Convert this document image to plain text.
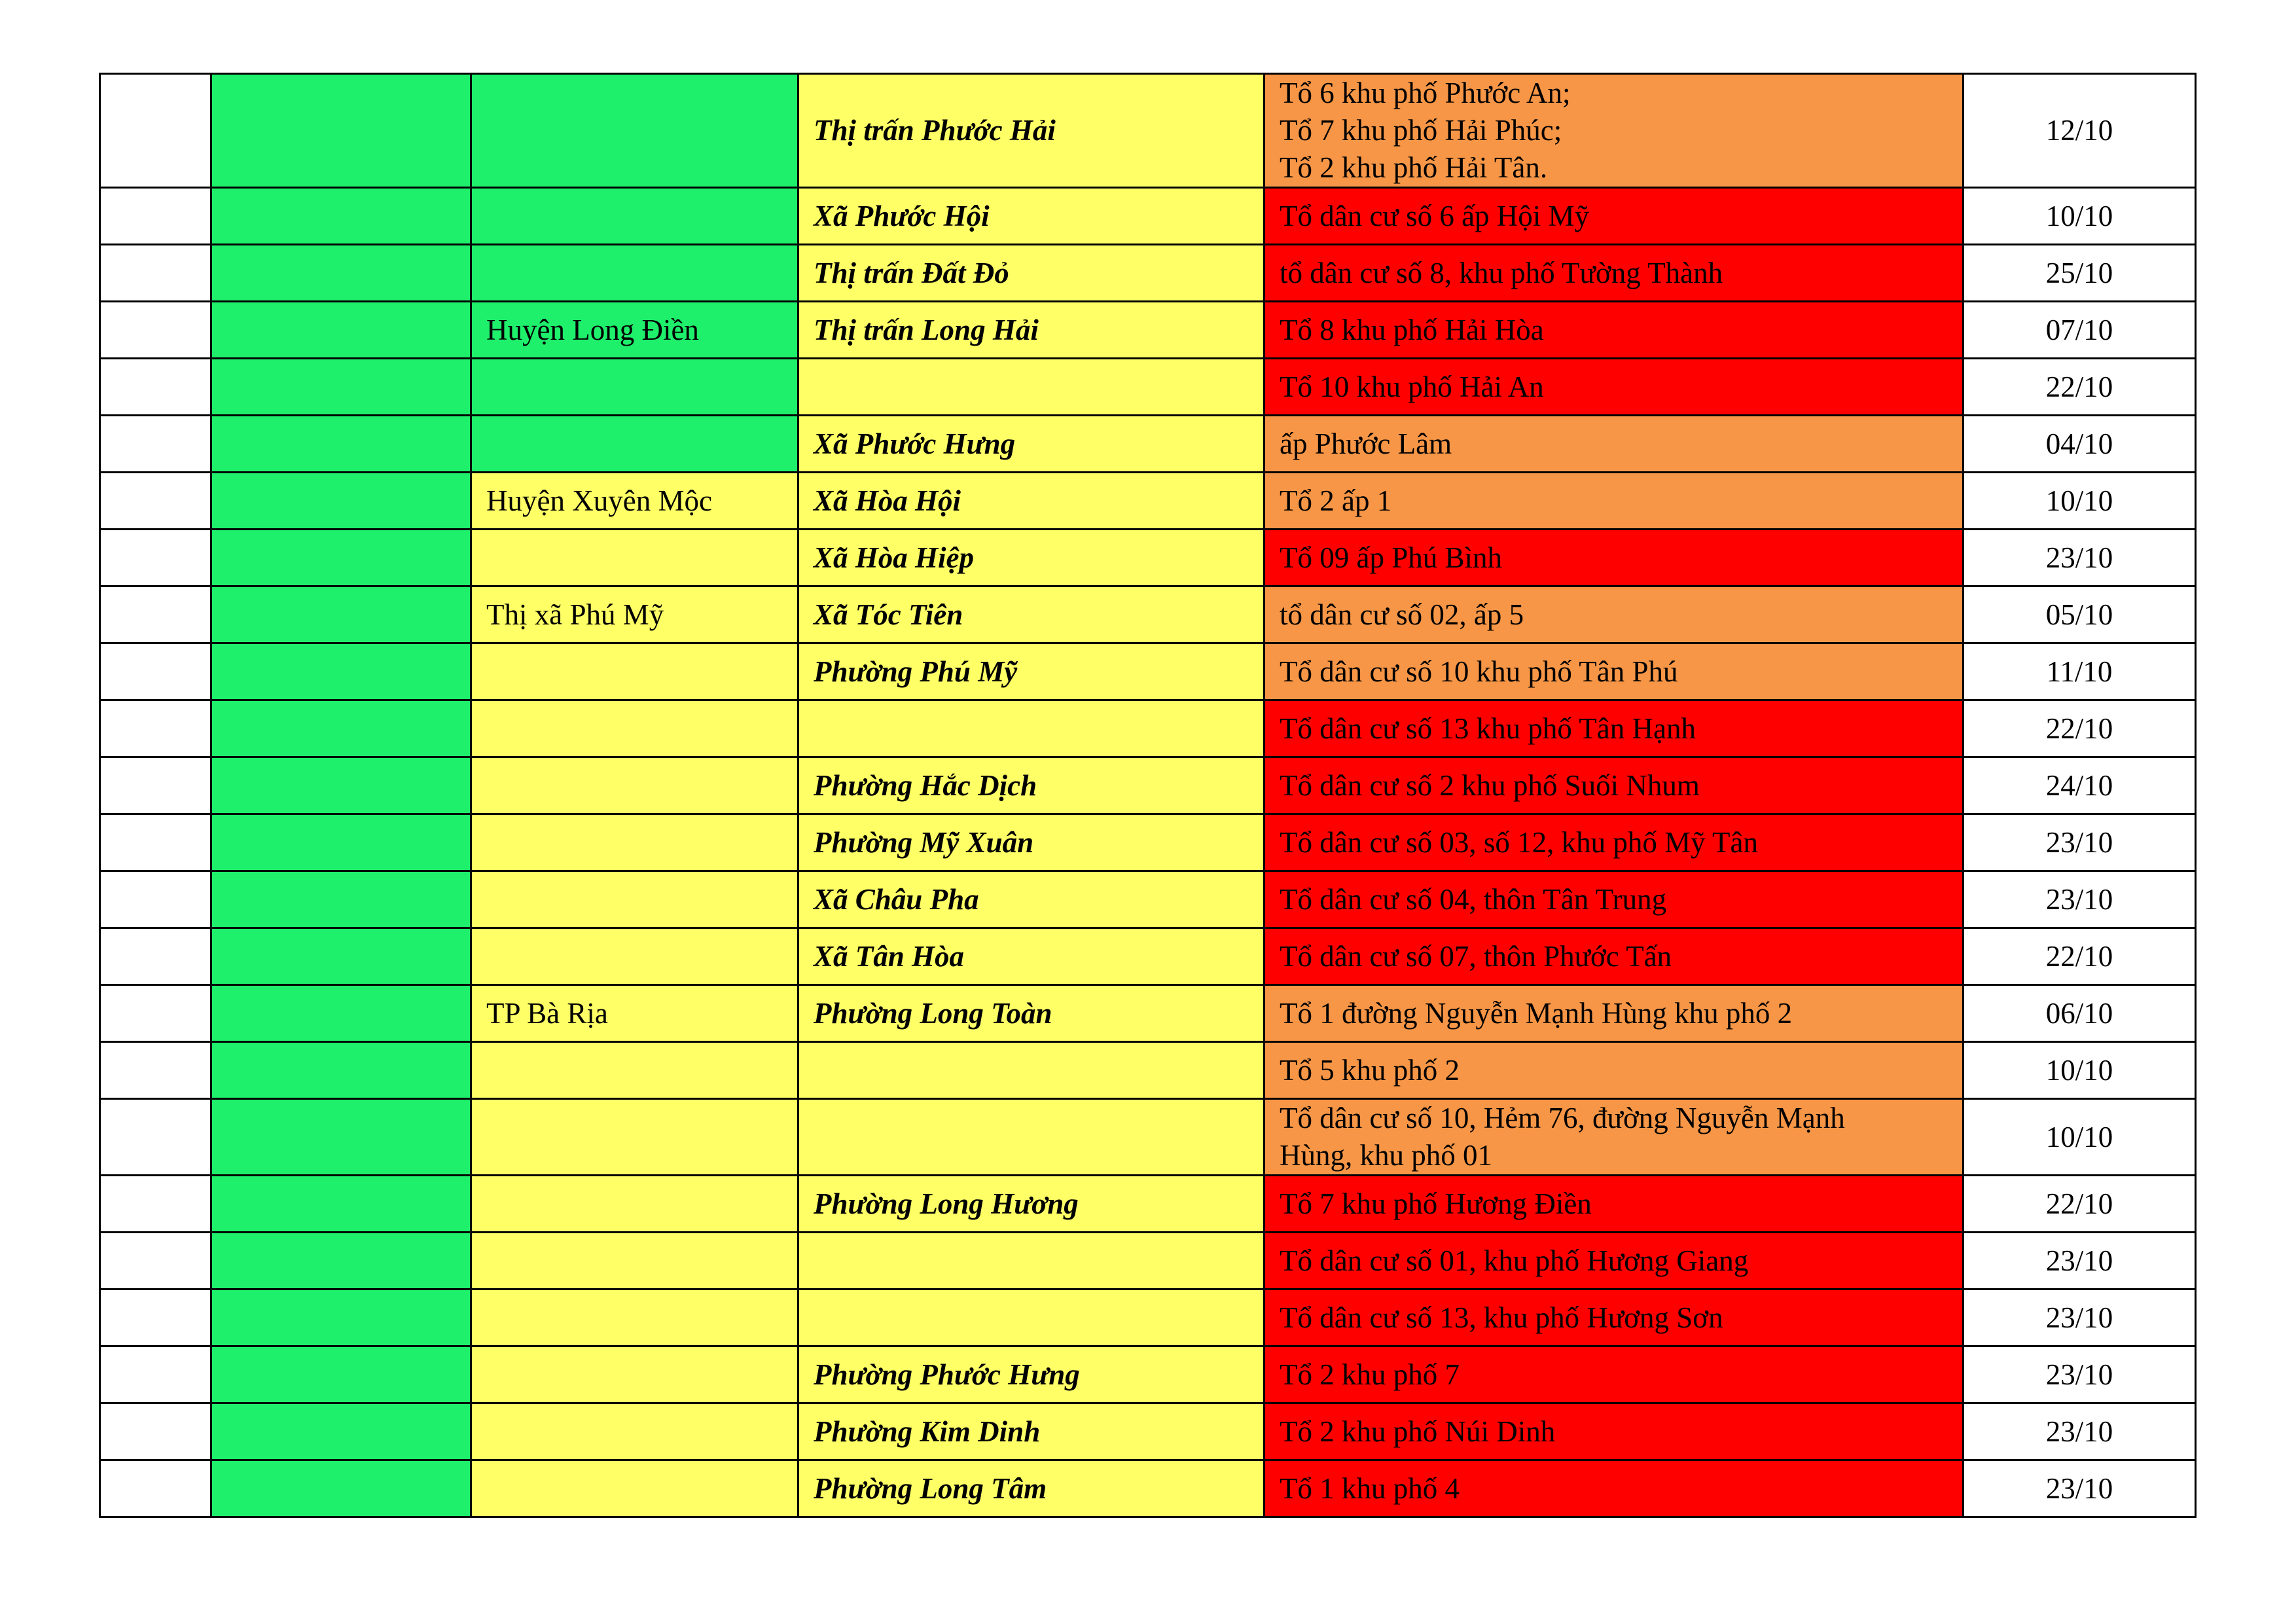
			Thị trấn Phước Hải	Tổ 6 khu phố Phước An;
Tổ 7 khu phố Hải Phúc;
Tổ 2 khu phố Hải Tân.	12/10
			Xã Phước Hội	Tổ dân cư số 6 ấp Hội Mỹ	10/10
			Thị trấn Đất Đỏ	tổ dân cư số 8, khu phố Tường Thành	25/10
		Huyện Long Điền	Thị trấn Long Hải	Tổ 8 khu phố Hải Hòa	07/10
				Tổ 10 khu phố Hải An	22/10
			Xã Phước Hưng	ấp Phước Lâm	04/10
		Huyện Xuyên Mộc	Xã Hòa Hội	Tổ 2 ấp 1	10/10
			Xã Hòa Hiệp	Tổ 09 ấp Phú Bình	23/10
		Thị xã Phú Mỹ	Xã Tóc Tiên	tổ dân cư số 02, ấp 5	05/10
			Phường Phú Mỹ	Tổ dân cư số 10 khu phố Tân Phú	11/10
				Tổ dân cư số 13 khu phố Tân Hạnh	22/10
			Phường Hắc Dịch	Tổ dân cư số 2 khu phố Suối Nhum	24/10
			Phường Mỹ Xuân	Tổ dân cư số 03, số 12, khu phố Mỹ Tân	23/10
			Xã Châu Pha	Tổ dân cư số 04, thôn Tân Trung	23/10
			Xã Tân Hòa	Tổ dân cư số 07, thôn Phước Tấn	22/10
		TP Bà Rịa	Phường Long Toàn	Tổ 1 đường Nguyễn Mạnh Hùng khu phố 2	06/10
				Tổ 5 khu phố 2	10/10

				Tổ dân cư số 10, Hẻm 76, đường Nguyễn Mạnh
Hùng, khu phố 01	10/10
			Phường Long Hương	Tổ 7 khu phố Hương Điền	22/10
				Tổ dân cư số 01, khu phố Hương Giang	23/10
				Tổ dân cư số 13, khu phố Hương Sơn	23/10
			Phường Phước Hưng	Tổ 2 khu phố 7	23/10
			Phường Kim Dinh	Tổ 2 khu phố Núi Dinh	23/10
			Phường Long Tâm	Tổ 1 khu phố 4	23/10
